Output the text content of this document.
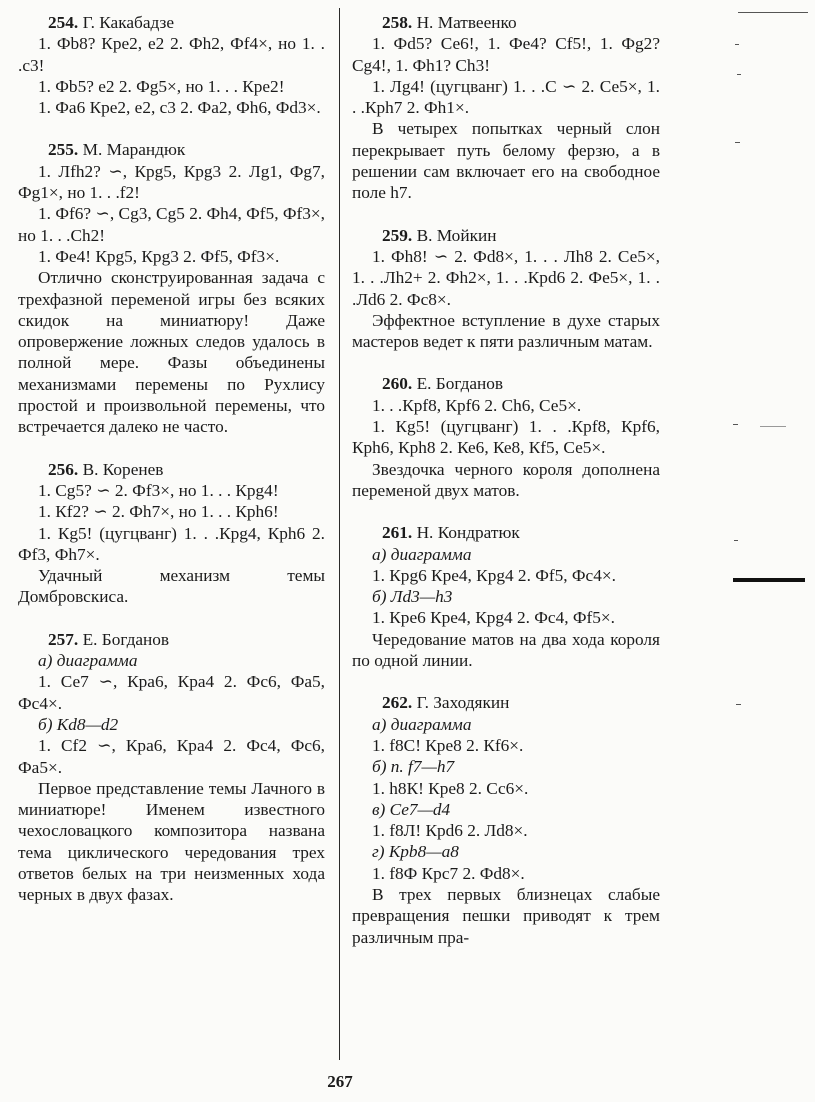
254. Г. Какабадзе

1. Фb8? Кре2, е2 2. Фh2, Фf4×, но 1. . .с3!

1. Фb5? е2 2. Фg5×, но 1. . . Кре2!

1. Фа6 Кре2, е2, с3 2. Фа2, Фh6, Фd3×.

255. М. Марандюк

1. Лfh2? ∽, Крg5, Крg3 2. Лg1, Фg7, Фg1×, но 1. . .f2!

1. Фf6? ∽, Сg3, Сg5 2. Фh4, Фf5, Фf3×, но 1. . .Сh2!

1. Фе4! Крg5, Крg3 2. Фf5, Фf3×.

Отлично сконструированная задача с трехфазной переменой игры без всяких скидок на миниатюру! Даже опровержение ложных следов удалось в полной мере. Фазы объединены механизмами перемены по Рухлису простой и произвольной перемены, что встречается далеко не часто.

256. В. Коренев

1. Сg5? ∽ 2. Фf3×, но 1. . . Крg4!

1. Кf2? ∽ 2. Фh7×, но 1. . . Крh6!

1. Кg5! (цугцванг) 1. . .Крg4, Крh6 2. Фf3, Фh7×.

Удачный механизм темы Домбровскиса.

257. Е. Богданов

а) диаграмма

1. Се7 ∽, Кра6, Кра4 2. Фс6, Фа5, Фс4×.

б) Кd8—d2

1. Сf2 ∽, Кра6, Кра4 2. Фс4, Фс6, Фа5×.

Первое представление темы Лачного в миниатюре! Именем известного чехословацкого композитора названа тема циклического чередования трех ответов белых на три неизменных хода черных в двух фазах.

258. Н. Матвеенко

1. Фd5? Се6!, 1. Фе4? Сf5!, 1. Фg2? Сg4!, 1. Фh1? Сh3!

1. Лg4! (цугцванг) 1. . .С ∽ 2. Се5×, 1. . .Крh7 2. Фh1×.

В четырех попытках черный слон перекрывает путь белому ферзю, а в решении сам включает его на свободное поле h7.

259. В. Мойкин

1. Фh8! ∽ 2. Фd8×, 1. . . Лh8 2. Се5×, 1. . .Лh2+ 2. Фh2×, 1. . .Крd6 2. Фе5×, 1. . .Лd6 2. Фс8×.

Эффектное вступление в духе старых мастеров ведет к пяти различным матам.

260. Е. Богданов

1. . .Крf8, Крf6 2. Сh6, Се5×.

1. Кg5! (цугцванг) 1. . .Крf8, Крf6, Крh6, Крh8 2. Ке6, Ке8, Кf5, Се5×.

Звездочка черного короля дополнена переменой двух матов.

261. Н. Кондратюк

а) диаграмма

1. Крg6 Кре4, Крg4 2. Фf5, Фс4×.

б) Лd3—h3

1. Кре6 Кре4, Крg4 2. Фс4, Фf5×.

Чередование матов на два хода короля по одной линии.

262. Г. Заходякин

а) диаграмма

1. f8С! Кре8 2. Кf6×.

б) п. f7—h7

1. h8К! Кре8 2. Сс6×.

в) Се7—d4

1. f8Л! Крd6 2. Лd8×.

г) Крb8—а8

1. f8Ф Крс7 2. Фd8×.

В трех первых близнецах слабые превращения пешки приводят к трем различным пра-

267
